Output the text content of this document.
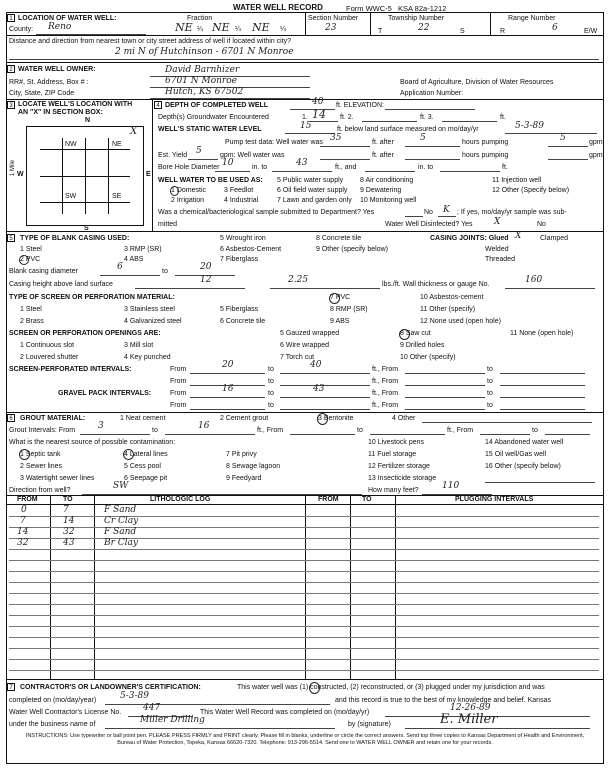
WATER WELL RECORD	Form WWC-5 KSA 82a-1212
1 LOCATION OF WATER WELL:	Fraction	Section Number	Township Number	Range Number
County: Reno	NE ¼ NE ¼ NE ¼	23	T	22	S	R	6	E/W
Distance and direction from nearest town or city street address of well if located within city?
2 mi N of Hutchinson - 6701 N Monroe
2 WATER WELL OWNER:	David Barnhizer
RR#, St. Address, Box # :	6701 N Monroe	Board of Agriculture, Division of Water Resources
City, State, ZIP Code	Hutch, KS 67502	Application Number:
3 LOCATE WELL'S LOCATION WITH
AN "X" IN SECTION BOX:
N
S
W	E
NW	NE
SW	SE
X
1 Mile
4 DEPTH OF COMPLETED WELL	40 ft. ELEVATION:
Depth(s) Groundwater Encountered	1. 14 ft. 2.	ft. 3.	ft.
WELL'S STATIC WATER LEVEL	15	ft. below land surface measured on mo/day/yr	5-3-89
Pump test data: Well water was 35	ft. after	5	hours pumping	5	gpm
Est. Yield 5	gpm: Well water was	ft. after	hours pumping	gpm
Bore Hole Diameter 10	in. to	43	ft., and	in. to	ft.
WELL WATER TO BE USED AS: 5 Public water supply 8 Air conditioning	11 Injection well
1 Domestic	3 Feedlot	6 Oil field water supply 9 Dewatering	12 Other (Specify below)
2 Irrigation	4 Industrial	7 Lawn and garden only 10 Monitoring well
Was a chemical/bacteriological sample submitted to Department? Yes	No K ; If yes, mo/day/yr sample was sub-
mitted	Water Well Disinfected? Yes X	No
5	TYPE OF BLANK CASING USED:	5 Wrought iron	8 Concrete tile	CASING JOINTS: Glued X	Clamped
1 Steel	3 RMP (SR)	6 Asbestos-Cement	9 Other (specify below)	Welded
2 PVC	4 ABS	7 Fiberglass	Threaded
Blank casing diameter	6	to	20
Casing height above land surface	12	2.25	lbs./ft. Wall thickness or gauge No.	160
TYPE OF SCREEN OR PERFORATION MATERIAL:	7 PVC	10 Asbestos-cement
1 Steel	3 Stainless steel	5 Fiberglass	8 RMP (SR)	11 Other (specify)
2 Brass	4 Galvanized steel	6 Concrete tile	9 ABS	12 None used (open hole)
SCREEN OR PERFORATION OPENINGS ARE:	5 Gauzed wrapped	8 Saw cut	11 None (open hole)
1 Continuous slot	3 Mill slot	6 Wire wrapped	9 Drilled holes
2 Louvered shutter	4 Key punched	7 Torch cut	10 Other (specify)
SCREEN-PERFORATED INTERVALS:	From	20	to	40	ft., From	to
From	to	ft., From	to
GRAVEL PACK INTERVALS:	From	16	to	43	ft., From	to
From	to	ft., From	to
6	GROUT MATERIAL:	1 Neat cement	2 Cement grout	3 Bentonite	4 Other
Grout Intervals: From	3	to	16	ft., From	to	ft., From	to
What is the nearest source of possible contamination:	10 Livestock pens	14 Abandoned water well
1 Septic tank	4 Lateral lines	7 Pit privy	11 Fuel storage	15 Oil well/Gas well
2 Sewer lines	5 Cess pool	8 Sewage lagoon	12 Fertilizer storage	16 Other (specify below)
3 Watertight sewer lines	6 Seepage pit	9 Feedyard	13 Insecticide storage
Direction from well?	SW	How many feet?	110
FROM	TO	LITHOLOGIC LOG	FROM	TO	PLUGGING INTERVALS
0	7	F Sand
7	14	Cr Clay
14	32	F Sand
32	43	Br Clay
7	CONTRACTOR'S OR LANDOWNER'S CERTIFICATION:	This water well was (1) constructed, (2) reconstructed, or (3) plugged under my jurisdiction and was
completed on (mo/day/year)	5-3-89	and this record is true to the best of my knowledge and belief. Kansas
Water Well Contractor's License No. 447	This Water Well Record was completed on (mo/day/yr)	12-26-89
under the business name of	Miller Drilling	by (signature)	E. Miller
INSTRUCTIONS: Use typewriter or ball point pen. PLEASE PRESS FIRMLY and PRINT clearly. Please fill in blanks, underline or circle the correct answers. Send top three copies to Kansas Department of Health and Environment, Bureau of Water Protection, Topeka, Kansas 66620-7320. Telephone: 913-296-5514. Send one to WATER WELL OWNER and retain one for your records.
